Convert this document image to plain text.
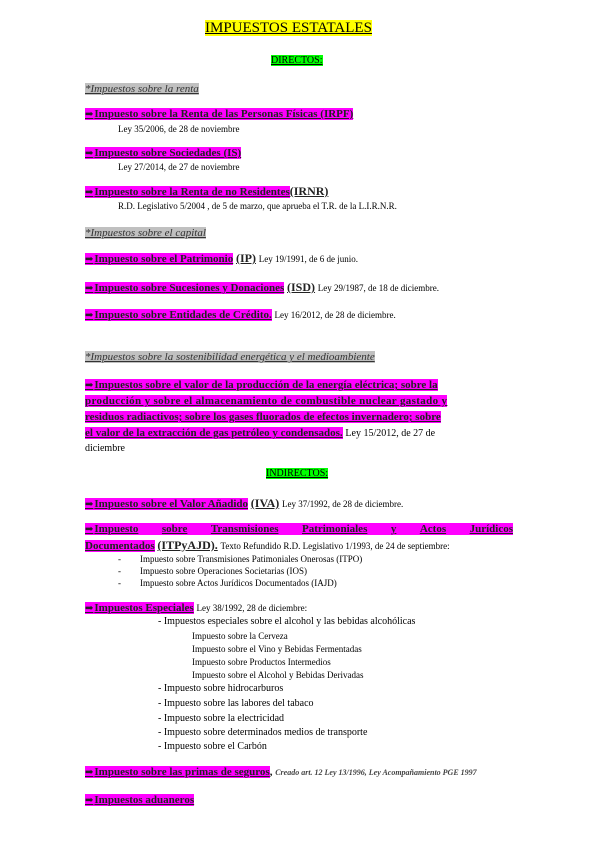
IMPUESTOS ESTATALES
DIRECTOS:
*Impuestos sobre la renta
➡Impuesto sobre la Renta de las Personas Físicas (IRPF)
Ley 35/2006, de 28 de noviembre
➡Impuesto sobre Sociedades (IS)
Ley 27/2014, de 27 de noviembre
➡Impuesto sobre la Renta de no Residentes(IRNR)
R.D. Legislativo 5/2004 , de 5 de marzo, que aprueba el T.R. de la L.I.R.N.R.
*Impuestos sobre el capital
➡Impuesto sobre el Patrimonio (IP) Ley 19/1991, de 6 de junio.
➡Impuesto sobre Sucesiones y Donaciones (ISD) Ley 29/1987, de 18 de diciembre.
➡Impuesto sobre Entidades de Crédito. Ley 16/2012, de 28 de diciembre.
*Impuestos sobre la sostenibilidad energética y el medioambiente
➡Impuestos sobre el valor de la producción de la energía eléctrica; sobre la
producción y sobre el almacenamiento de combustible nuclear gastado y
residuos radiactivos; sobre los gases fluorados de efectos invernadero; sobre
el valor de la extracción de gas petróleo y condensados. Ley 15/2012, de 27 de
diciembre
INDIRECTOS:
➡Impuesto sobre el Valor Añadido (IVA) Ley 37/1992, de 28 de diciembre.
➡Impuesto sobre Transmisiones Patrimoniales y Actos Jurídicos
Documentados (ITPyAJD). Texto Refundido R.D. Legislativo 1/1993, de 24 de septiembre:
- Impuesto sobre Transmisiones Patimoniales Onerosas (ITPO)
- Impuesto sobre Operaciones Societarias (IOS)
- Impuesto sobre Actos Jurídicos Documentados (IAJD)
➡Impuestos Especiales Ley 38/1992, 28 de diciembre:
- Impuestos especiales sobre el alcohol y las bebidas alcohólicas
Impuesto sobre la Cerveza
Impuesto sobre el Vino y Bebidas Fermentadas
Impuesto sobre Productos Intermedios
Impuesto sobre el Alcohol y Bebidas Derivadas
- Impuesto sobre hidrocarburos
- Impuesto sobre las labores del tabaco
- Impuesto sobre la electricidad
- Impuesto sobre determinados medios de transporte
- Impuesto sobre el Carbón
➡Impuesto sobre las primas de seguros, Creado art. 12 Ley 13/1996, Ley Acompañamiento PGE 1997
➡Impuestos aduaneros
